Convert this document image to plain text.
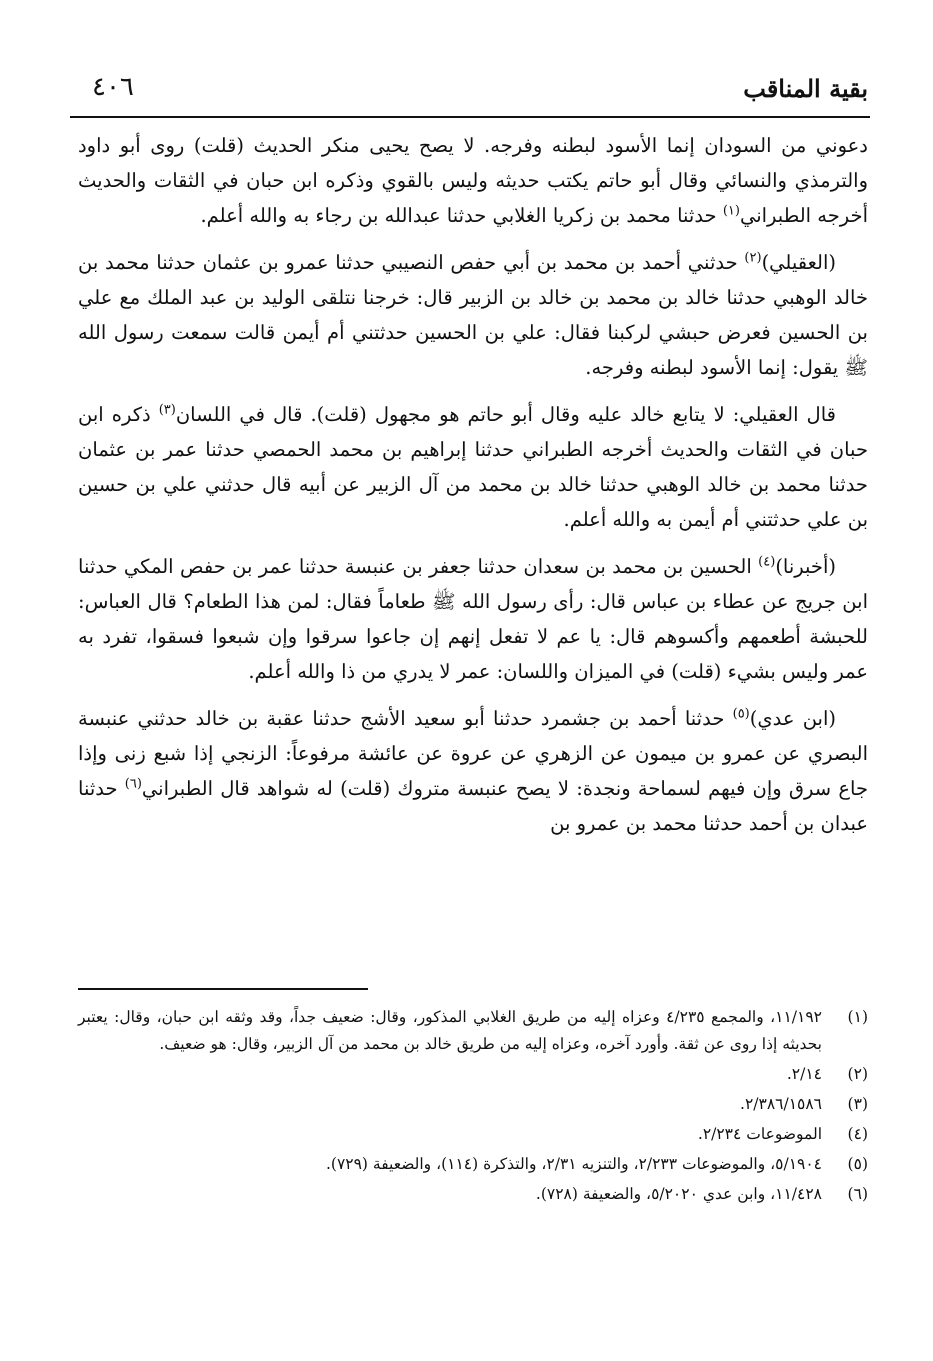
بقية المناقب
٤٠٦

دعوني من السودان إنما الأسود لبطنه وفرجه. لا يصح يحيى منكر الحديث (قلت) روى أبو داود والترمذي والنسائي وقال أبو حاتم يكتب حديثه وليس بالقوي وذكره ابن حبان في الثقات والحديث أخرجه الطبراني$^{(١)}$ حدثنا محمد بن زكريا الغلابي حدثنا عبدالله بن رجاء به والله أعلم.

(العقيلي)$^{(٢)}$ حدثني أحمد بن محمد بن أبي حفص النصيبي حدثنا عمرو بن عثمان حدثنا محمد بن خالد الوهبي حدثنا خالد بن محمد بن خالد بن الزبير قال: خرجنا نتلقى الوليد بن عبد الملك مع علي بن الحسين فعرض حبشي لركبنا فقال: علي بن الحسين حدثتني أم أيمن قالت سمعت رسول الله ﷺ يقول: إنما الأسود لبطنه وفرجه.

قال العقيلي: لا يتابع خالد عليه وقال أبو حاتم هو مجهول (قلت). قال في اللسان$^{(٣)}$ ذكره ابن حبان في الثقات والحديث أخرجه الطبراني حدثنا إبراهيم بن محمد الحمصي حدثنا عمر بن عثمان حدثنا محمد بن خالد الوهبي حدثنا خالد بن محمد من آل الزبير عن أبيه قال حدثني علي بن حسين بن علي حدثتني أم أيمن به والله أعلم.

(أخبرنا)$^{(٤)}$ الحسين بن محمد بن سعدان حدثنا جعفر بن عنبسة حدثنا عمر بن حفص المكي حدثنا ابن جريج عن عطاء بن عباس قال: رأى رسول الله ﷺ طعاماً فقال: لمن هذا الطعام؟ قال العباس: للحبشة أطعمهم وأكسوهم قال: يا عم لا تفعل إنهم إن جاعوا سرقوا وإن شبعوا فسقوا، تفرد به عمر وليس بشيء (قلت) في الميزان واللسان: عمر لا يدري من ذا والله أعلم.

(ابن عدي)$^{(٥)}$ حدثنا أحمد بن جشمرد حدثنا أبو سعيد الأشج حدثنا عقبة بن خالد حدثني عنبسة البصري عن عمرو بن ميمون عن الزهري عن عروة عن عائشة مرفوعاً: الزنجي إذا شبع زنى وإذا جاع سرق وإن فيهم لسماحة ونجدة: لا يصح عنبسة متروك (قلت) له شواهد قال الطبراني$^{(٦)}$ حدثنا عبدان بن أحمد حدثنا محمد بن عمرو بن

(١)
١١/١٩٢، والمجمع ٤/٢٣٥ وعزاه إليه من طريق الغلابي المذكور، وقال: ضعيف جداً، وقد وثقه ابن حبان، وقال: يعتبر بحديثه إذا روى عن ثقة. وأورد آخره، وعزاه إليه من طريق خالد بن محمد من آل الزبير، وقال: هو ضعيف.
(٢)
٢/١٤.
(٣)
٢/٣٨٦/١٥٨٦.
(٤)
الموضوعات ٢/٢٣٤.
(٥)
٥/١٩٠٤، والموضوعات ٢/٢٣٣، والتنزيه ٢/٣١، والتذكرة (١١٤)، والضعيفة (٧٢٩).
(٦)
١١/٤٢٨، وابن عدي ٥/٢٠٢٠، والضعيفة (٧٢٨).
